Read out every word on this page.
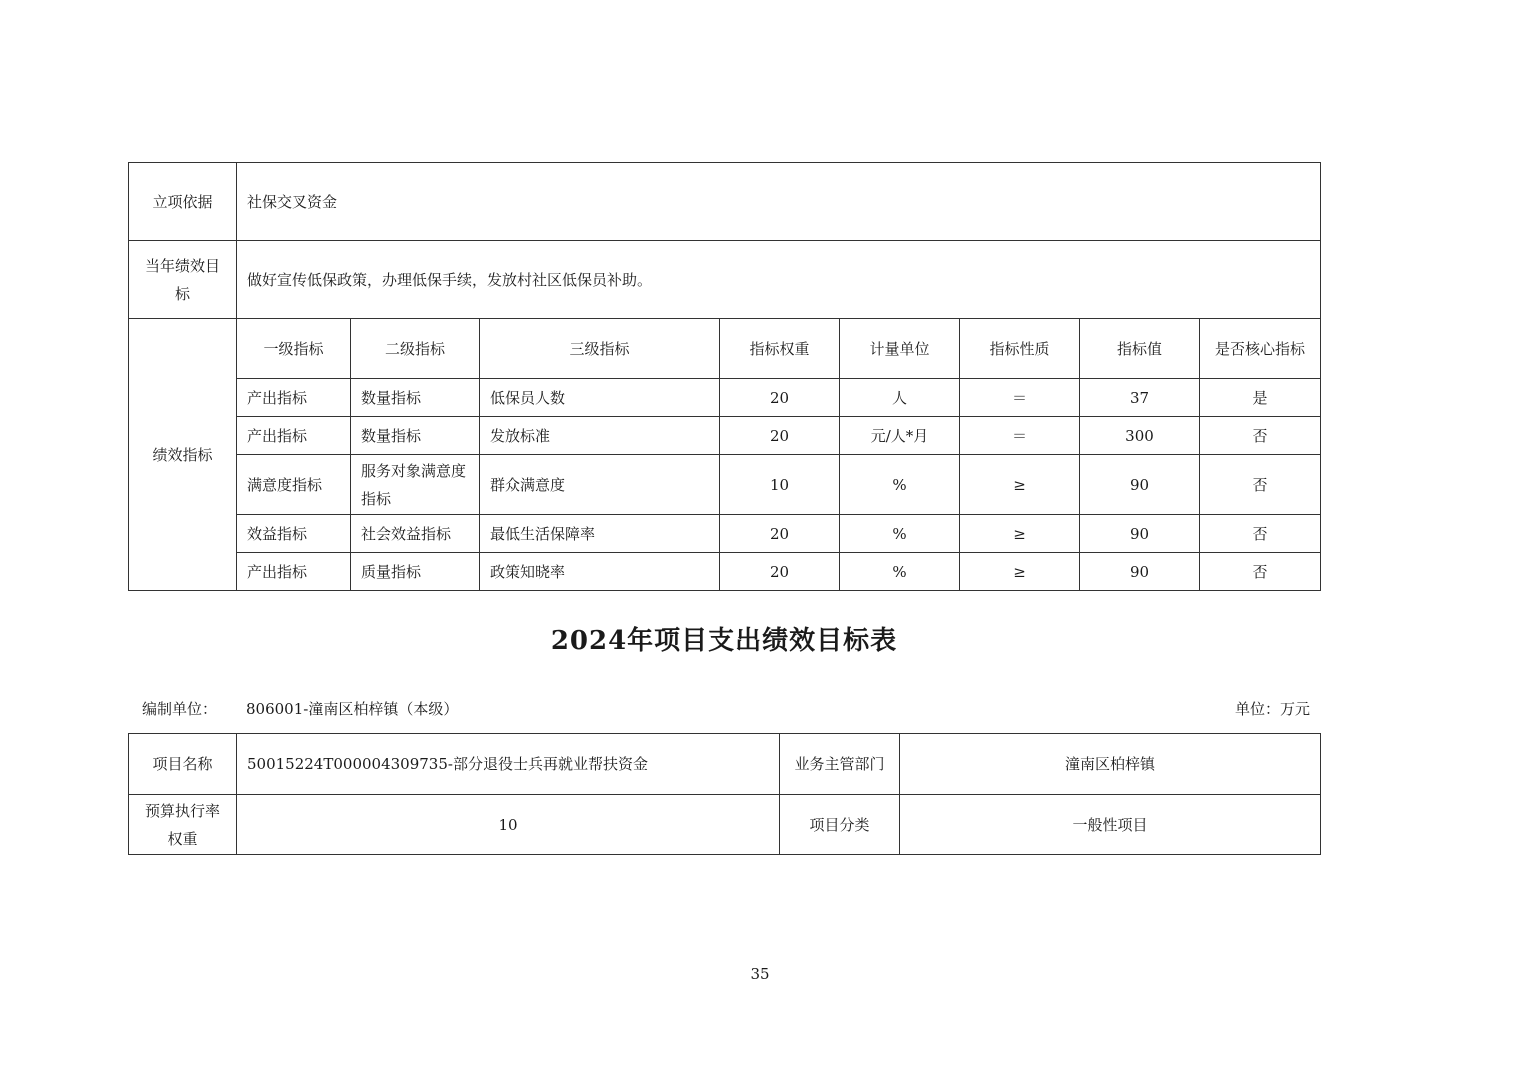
立项依据	社保交叉资金							
当年绩效目标	做好宣传低保政策，办理低保手续，发放村社区低保员补助。							
绩效指标	一级指标	二级指标	三级指标	指标权重	计量单位	指标性质	指标值	是否核心指标
	产出指标	数量指标	低保员人数	20	人	＝	37	是
	产出指标	数量指标	发放标准	20	元/人*月	＝	300	否
	满意度指标	服务对象满意度指标	群众满意度	10	%	≥	90	否
	效益指标	社会效益指标	最低生活保障率	20	%	≥	90	否
	产出指标	质量指标	政策知晓率	20	%	≥	90	否
2024年项目支出绩效目标表
编制单位： 806001-潼南区柏梓镇（本级）	单位：万元
项目名称	50015224T000004309735-部分退役士兵再就业帮扶资金	业务主管部门	潼南区柏梓镇
预算执行率权重	10	项目分类	一般性项目
35
